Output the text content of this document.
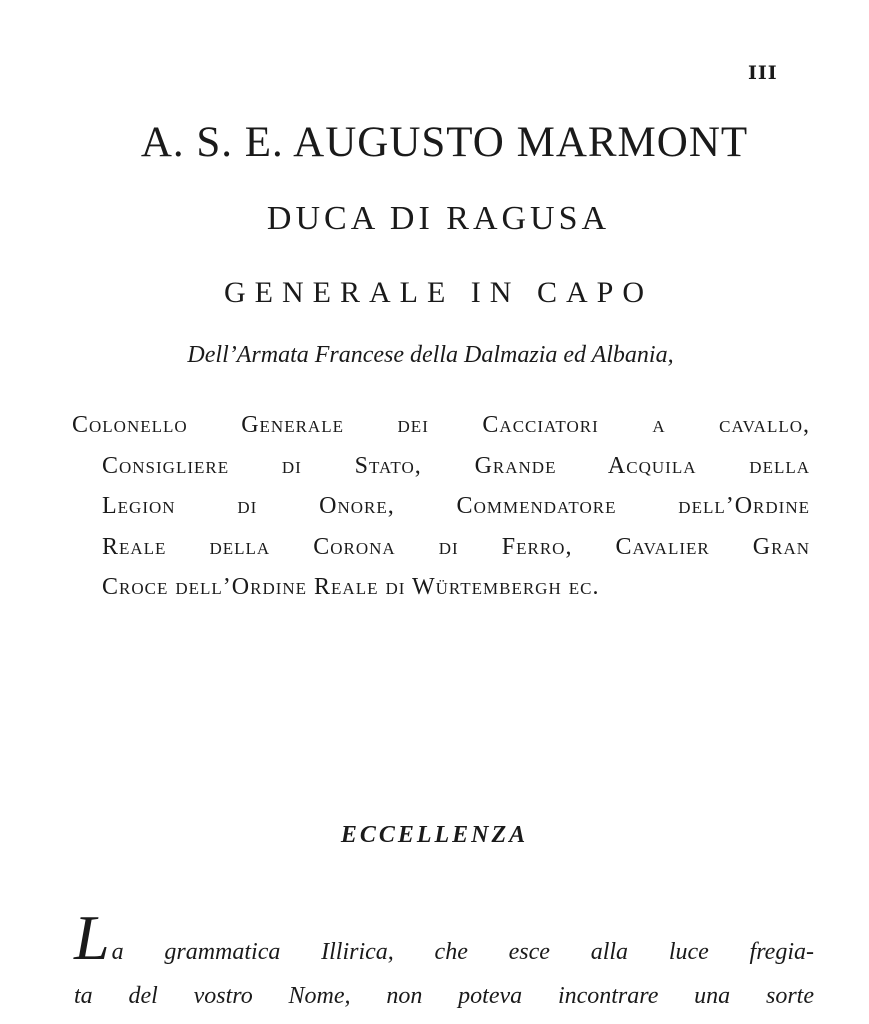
III
A. S. E. AUGUSTO MARMONT
DUCA DI RAGUSA
GENERALE IN CAPO
Dell’Armata Francese della Dalmazia ed Albania,
Colonello Generale dei Cacciatori a cavallo,
Consigliere di Stato, Grande Acquila della
Legion di Onore, Commendatore dell’Ordine
Reale della Corona di Ferro, Cavalier Gran
Croce dell’Ordine Reale di Würtembergh ec.
ECCELLENZA
L a grammatica Illirica, che esce alla luce fregia-
ta del vostro Nome, non poteva incontrare una sorte
